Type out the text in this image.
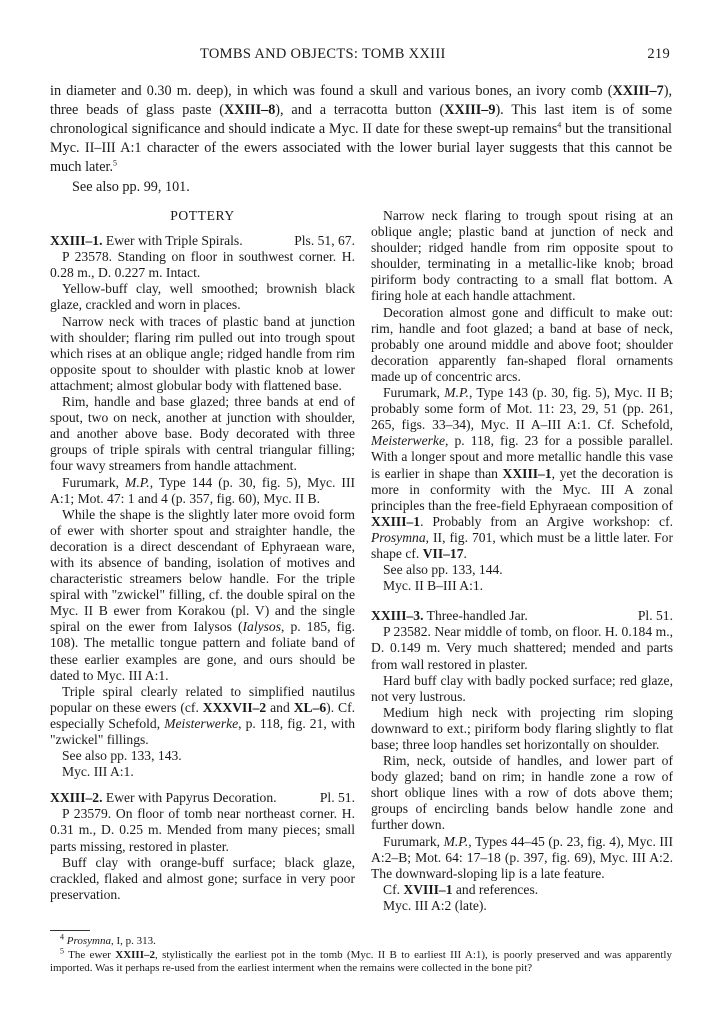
TOMBS AND OBJECTS: TOMB XXIII	219

in diameter and 0.30 m. deep), in which was found a skull and various bones, an ivory comb (XXIII–7), three beads of glass paste (XXIII–8), and a terracotta button (XXIII–9). This last item is of some chronological significance and should indicate a Myc. II date for these swept-up remains$^4$ but the transitional Myc. II–III A:1 character of the ewers associated with the lower burial layer suggests that this cannot be much later.$^5$

See also pp. 99, 101.

POTTERY
XXIII–1. Ewer with Triple Spirals.	Pls. 51, 67.

P 23578. Standing on floor in southwest corner. H. 0.28 m., D. 0.227 m. Intact.

Yellow-buff clay, well smoothed; brownish black glaze, crackled and worn in places.

Narrow neck with traces of plastic band at junction with shoulder; flaring rim pulled out into trough spout which rises at an oblique angle; ridged handle from rim opposite spout to shoulder with plastic knob at lower attachment; almost globular body with flattened base.

Rim, handle and base glazed; three bands at end of spout, two on neck, another at junction with shoulder, and another above base. Body decorated with three groups of triple spirals with central triangular filling; four wavy streamers from handle attachment.

Furumark, M.P., Type 144 (p. 30, fig. 5), Myc. III A:1; Mot. 47: 1 and 4 (p. 357, fig. 60), Myc. II B.

While the shape is the slightly later more ovoid form of ewer with shorter spout and straighter handle, the decoration is a direct descendant of Ephyraean ware, with its absence of banding, isolation of motives and characteristic streamers below handle. For the triple spiral with "zwickel" filling, cf. the double spiral on the Myc. II B ewer from Korakou (pl. V) and the single spiral on the ewer from Ialysos (Ialysos, p. 185, fig. 108). The metallic tongue pattern and foliate band of these earlier examples are gone, and ours should be dated to Myc. III A:1.

Triple spiral clearly related to simplified nautilus popular on these ewers (cf. XXXVII–2 and XL–6). Cf. especially Schefold, Meisterwerke, p. 118, fig. 21, with "zwickel" fillings.

See also pp. 133, 143.

Myc. III A:1.

XXIII–2. Ewer with Papyrus Decoration.	Pl. 51.

P 23579. On floor of tomb near northeast corner. H. 0.31 m., D. 0.25 m. Mended from many pieces; small parts missing, restored in plaster.

Buff clay with orange-buff surface; black glaze, crackled, flaked and almost gone; surface in very poor preservation.

Narrow neck flaring to trough spout rising at an oblique angle; plastic band at junction of neck and shoulder; ridged handle from rim opposite spout to shoulder, terminating in a metallic-like knob; broad piriform body contracting to a small flat bottom. A firing hole at each handle attachment.

Decoration almost gone and difficult to make out: rim, handle and foot glazed; a band at base of neck, probably one around middle and above foot; shoulder decoration apparently fan-shaped floral ornaments made up of concentric arcs.

Furumark, M.P., Type 143 (p. 30, fig. 5), Myc. II B; probably some form of Mot. 11: 23, 29, 51 (pp. 261, 265, figs. 33–34), Myc. II A–III A:1. Cf. Schefold, Meisterwerke, p. 118, fig. 23 for a possible parallel. With a longer spout and more metallic handle this vase is earlier in shape than XXIII–1, yet the decoration is more in conformity with the Myc. III A zonal principles than the free-field Ephyraean composition of XXIII–1. Probably from an Argive workshop: cf. Prosymna, II, fig. 701, which must be a little later. For shape cf. VII–17.

See also pp. 133, 144.

Myc. II B–III A:1.

XXIII–3. Three-handled Jar.	Pl. 51.

P 23582. Near middle of tomb, on floor. H. 0.184 m., D. 0.149 m. Very much shattered; mended and parts from wall restored in plaster.

Hard buff clay with badly pocked surface; red glaze, not very lustrous.

Medium high neck with projecting rim sloping downward to ext.; piriform body flaring slightly to flat base; three loop handles set horizontally on shoulder.

Rim, neck, outside of handles, and lower part of body glazed; band on rim; in handle zone a row of short oblique lines with a row of dots above them; groups of encircling bands below handle zone and further down.

Furumark, M.P., Types 44–45 (p. 23, fig. 4), Myc. III A:2–B; Mot. 64: 17–18 (p. 397, fig. 69), Myc. III A:2. The downward-sloping lip is a late feature.

Cf. XVIII–1 and references.

Myc. III A:2 (late).

$^4$ Prosymna, I, p. 313.

$^5$ The ewer XXIII–2, stylistically the earliest pot in the tomb (Myc. II B to earliest III A:1), is poorly preserved and was apparently imported. Was it perhaps re-used from the earliest interment when the remains were collected in the bone pit?
